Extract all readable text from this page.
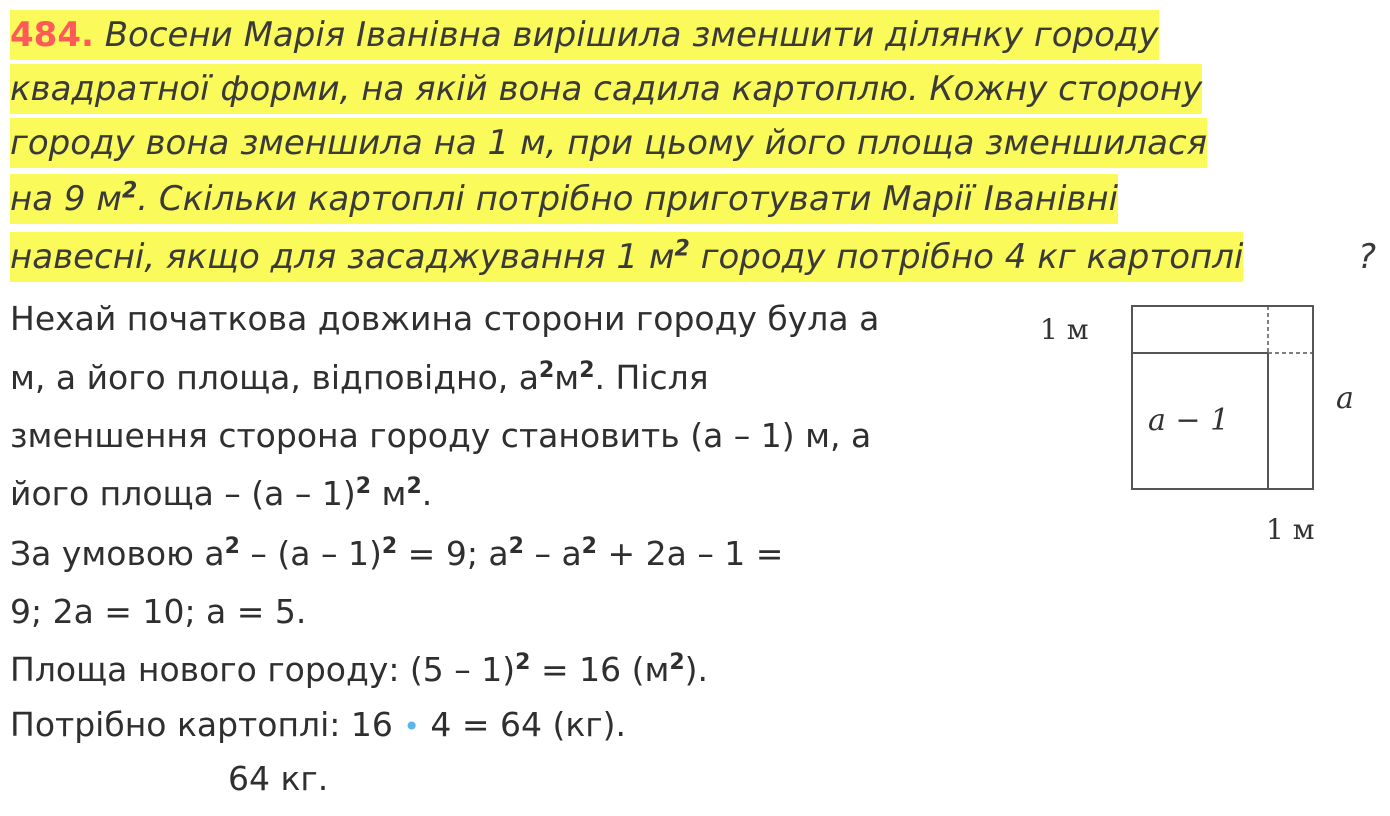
484. Восени Марія Іванівна вирішила зменшити ділянку городу
квадратної форми, на якій вона садила картоплю. Кожну сторону
городу вона зменшила на 1 м, при цьому його площа зменшилася
на 9 $м^2$. Скільки картоплі потрібно приготувати Марії Іванівні
навесні, якщо для засаджування 1 $м^2$ городу потрібно 4 кг картоплі	?
Нехай початкова довжина сторони городу була а
м, а його площа, відповідно, $а^2м^2$. Після
зменшення сторона городу становить (а – 1) м, а
його площа – (а – 1)$^2$ $м^2$.
За умовою $а^2 - (а - 1)^2 = 9$; $а^2 - а^2 + 2а - 1$ =
9; 2а = 10; а = 5.
Площа нового городу: (5 – 1)$^2$ = 16 $(м^2)$.
Потрібно картоплі: 16 • 4 = 64 (кг).
64 кг.
1 м
a − 1
a
1 м
